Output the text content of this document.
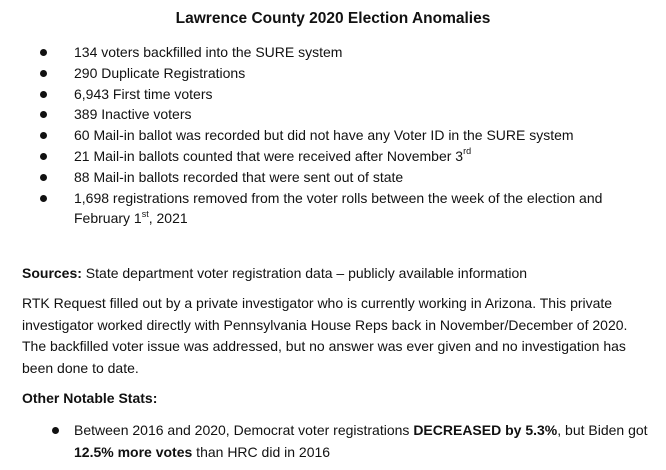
Lawrence County 2020 Election Anomalies
134 voters backfilled into the SURE system
290 Duplicate Registrations
6,943 First time voters
389 Inactive voters
60 Mail-in ballot was recorded but did not have any Voter ID in the SURE system
21 Mail-in ballots counted that were received after November 3rd
88 Mail-in ballots recorded that were sent out of state
1,698 registrations removed from the voter rolls between the week of the election and February 1st, 2021

Sources: State department voter registration data – publicly available information

RTK Request filled out by a private investigator who is currently working in Arizona. This private investigator worked directly with Pennsylvania House Reps back in November/December of 2020. The backfilled voter issue was addressed, but no answer was ever given and no investigation has been done to date.

Other Notable Stats:

Between 2016 and 2020, Democrat voter registrations DECREASED by 5.3%, but Biden got 12.5% more votes than HRC did in 2016
